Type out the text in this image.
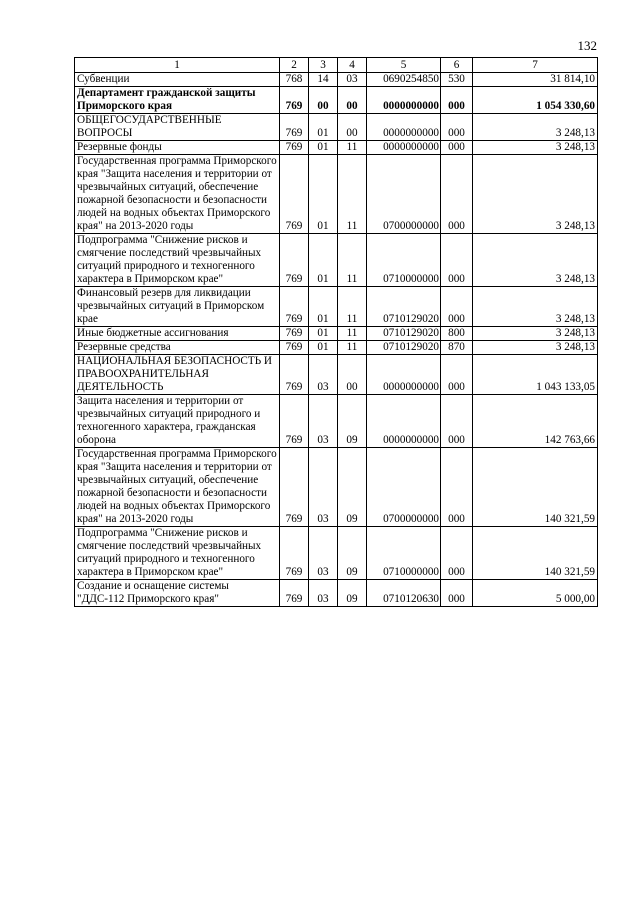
132
1	2	3	4	5	6	7
Субвенции	768	14	03	0690254850	530	31 814,10
Департамент гражданской защиты Приморского края	769	00	00	0000000000	000	1 054 330,60
ОБЩЕГОСУДАРСТВЕННЫЕ ВОПРОСЫ	769	01	00	0000000000	000	3 248,13
Резервные фонды	769	01	11	0000000000	000	3 248,13
Государственная программа Приморского края "Защита населения и территории от чрезвычайных ситуаций, обеспечение пожарной безопасности и безопасности людей на водных объектах Приморского края" на 2013-2020 годы	769	01	11	0700000000	000	3 248,13
Подпрограмма "Снижение рисков и смягчение последствий чрезвычайных ситуаций природного и техногенного характера в Приморском крае"	769	01	11	0710000000	000	3 248,13
Финансовый резерв для ликвидации чрезвычайных ситуаций в Приморском крае	769	01	11	0710129020	000	3 248,13
Иные бюджетные ассигнования	769	01	11	0710129020	800	3 248,13
Резервные средства	769	01	11	0710129020	870	3 248,13
НАЦИОНАЛЬНАЯ БЕЗОПАСНОСТЬ И ПРАВООХРАНИТЕЛЬНАЯ ДЕЯТЕЛЬНОСТЬ	769	03	00	0000000000	000	1 043 133,05
Защита населения и территории от чрезвычайных ситуаций природного и техногенного характера, гражданская оборона	769	03	09	0000000000	000	142 763,66
Государственная программа Приморского края "Защита населения и территории от чрезвычайных ситуаций, обеспечение пожарной безопасности и безопасности людей на водных объектах Приморского края" на 2013-2020 годы	769	03	09	0700000000	000	140 321,59
Подпрограмма "Снижение рисков и смягчение последствий чрезвычайных ситуаций природного и техногенного характера в Приморском крае"	769	03	09	0710000000	000	140 321,59
Создание и оснащение системы "ДДС-112 Приморского края"	769	03	09	0710120630	000	5 000,00
